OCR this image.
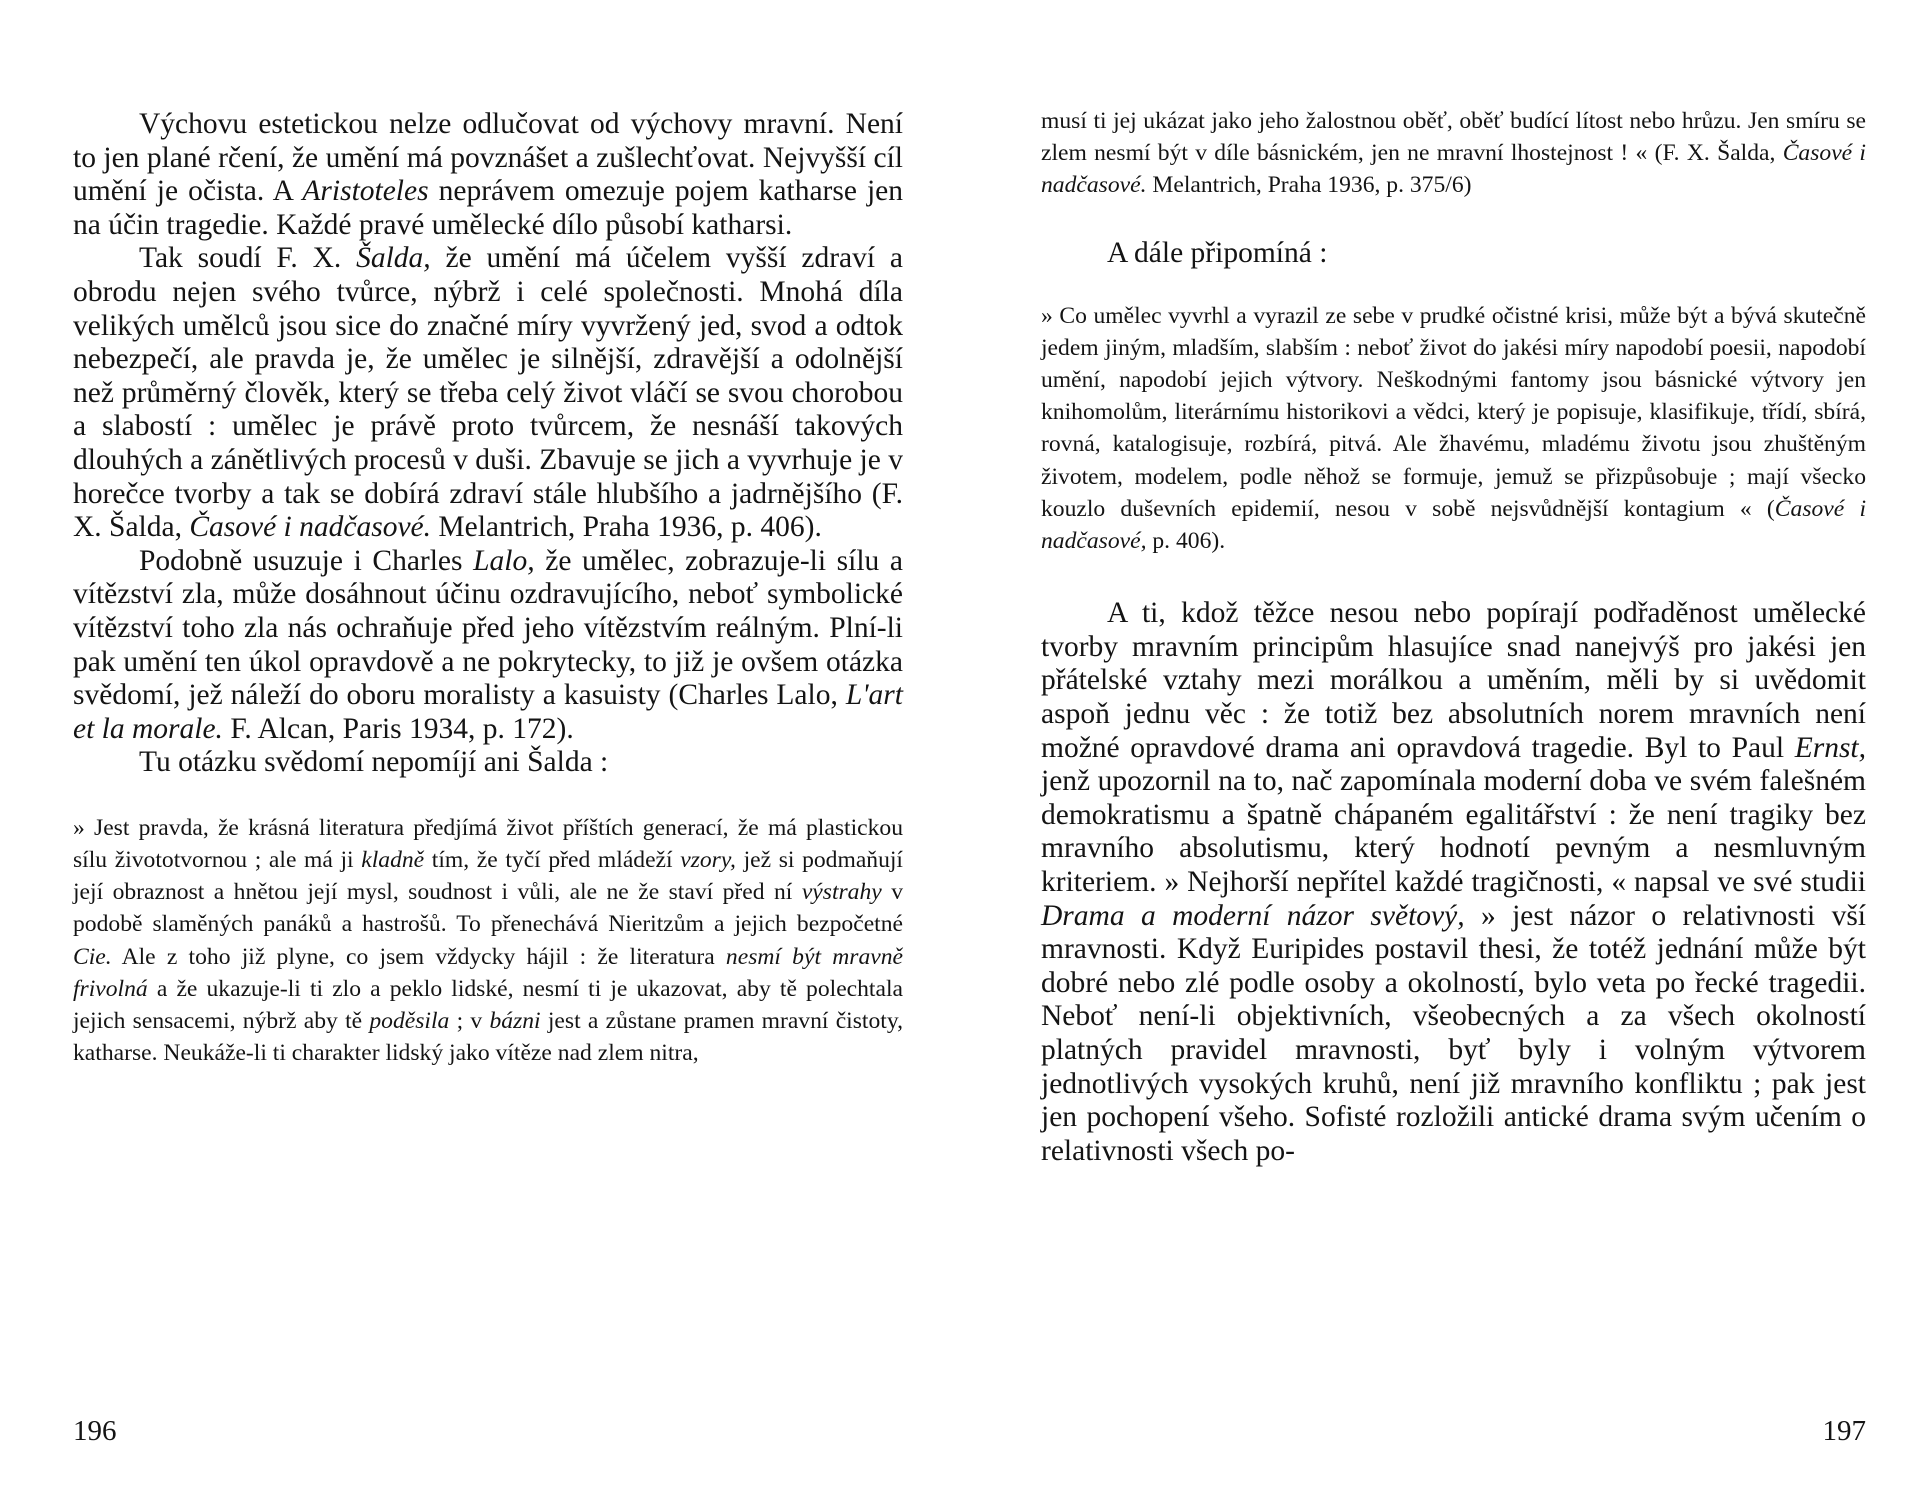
Výchovu estetickou nelze odlučovat od výchovy mravní. Není to jen plané rčení, že umění má povznášet a zušlechťovat. Nejvyšší cíl umění je očista. A Aristoteles neprávem omezuje pojem katharse jen na účin tragedie. Každé pravé umělecké dílo působí katharsi.

Tak soudí F. X. Šalda, že umění má účelem vyšší zdraví a obrodu nejen svého tvůrce, nýbrž i celé společnosti. Mnohá díla velikých umělců jsou sice do značné míry vyvržený jed, svod a odtok nebezpečí, ale pravda je, že umělec je silnější, zdravější a odolnější než průměrný člověk, který se třeba celý život vláčí se svou chorobou a slabostí : umělec je právě proto tvůrcem, že nesnáší takových dlouhých a zánětlivých procesů v duši. Zbavuje se jich a vyvrhuje je v horečce tvorby a tak se dobírá zdraví stále hlubšího a jadrnějšího (F. X. Šalda, Časové i nadčasové. Melantrich, Praha 1936, p. 406).

Podobně usuzuje i Charles Lalo, že umělec, zobrazuje-li sílu a vítězství zla, může dosáhnout účinu ozdravujícího, neboť symbolické vítězství toho zla nás ochraňuje před jeho vítězstvím reálným. Plní-li pak umění ten úkol opravdově a ne pokrytecky, to již je ovšem otázka svědomí, jež náleží do oboru moralisty a kasuisty (Charles Lalo, L'art et la morale. F. Alcan, Paris 1934, p. 172).

Tu otázku svědomí nepomíjí ani Šalda :

» Jest pravda, že krásná literatura předjímá život příštích generací, že má plastickou sílu živototvornou ; ale má ji kladně tím, že tyčí před mládeží vzory, jež si podmaňují její obraznost a hnětou její mysl, soudnost i vůli, ale ne že staví před ní výstrahy v podobě slaměných panáků a hastrošů. To přenechává Nieritzům a jejich bezpočetné Cie. Ale z toho již plyne, co jsem vždycky hájil : že literatura nesmí být mravně frivolná a že ukazuje-li ti zlo a peklo lidské, nesmí ti je ukazovat, aby tě polechtala jejich sensacemi, nýbrž aby tě poděsila ; v bázni jest a zůstane pramen mravní čistoty, katharse. Neukáže-li ti charakter lidský jako vítěze nad zlem nitra,

196

musí ti jej ukázat jako jeho žalostnou oběť, oběť budící lítost nebo hrůzu. Jen smíru se zlem nesmí být v díle básnickém, jen ne mravní lhostejnost ! « (F. X. Šalda, Časové i nadčasové. Melantrich, Praha 1936, p. 375/6)

A dále připomíná :

» Co umělec vyvrhl a vyrazil ze sebe v prudké očistné krisi, může být a bývá skutečně jedem jiným, mladším, slabším : neboť život do jakési míry napodobí poesii, napodobí umění, napodobí jejich výtvory. Neškodnými fantomy jsou básnické výtvory jen knihomolům, literárnímu historikovi a vědci, který je popisuje, klasifikuje, třídí, sbírá, rovná, katalogisuje, rozbírá, pitvá. Ale žhavému, mladému životu jsou zhuštěným životem, modelem, podle něhož se formuje, jemuž se přizpůsobuje ; mají všecko kouzlo duševních epidemií, nesou v sobě nejsvůdnější kontagium « (Časové i nadčasové, p. 406).

A ti, kdož těžce nesou nebo popírají podřaděnost umělecké tvorby mravním principům hlasujíce snad nanejvýš pro jakési jen přátelské vztahy mezi morálkou a uměním, měli by si uvědomit aspoň jednu věc : že totiž bez absolutních norem mravních není možné opravdové drama ani opravdová tragedie. Byl to Paul Ernst, jenž upozornil na to, nač zapomínala moderní doba ve svém falešném demokratismu a špatně chápaném egalitářství : že není tragiky bez mravního absolutismu, který hodnotí pevným a nesmluvným kriteriem. » Nejhorší nepřítel každé tragičnosti, « napsal ve své studii Drama a moderní názor světový, » jest názor o relativnosti vší mravnosti. Když Euripides postavil thesi, že totéž jednání může být dobré nebo zlé podle osoby a okolností, bylo veta po řecké tragedii. Neboť není-li objektivních, všeobecných a za všech okolností platných pravidel mravnosti, byť byly i volným výtvorem jednotlivých vysokých kruhů, není již mravního konfliktu ; pak jest jen pochopení všeho. Sofisté rozložili antické drama svým učením o relativnosti všech po-

197
